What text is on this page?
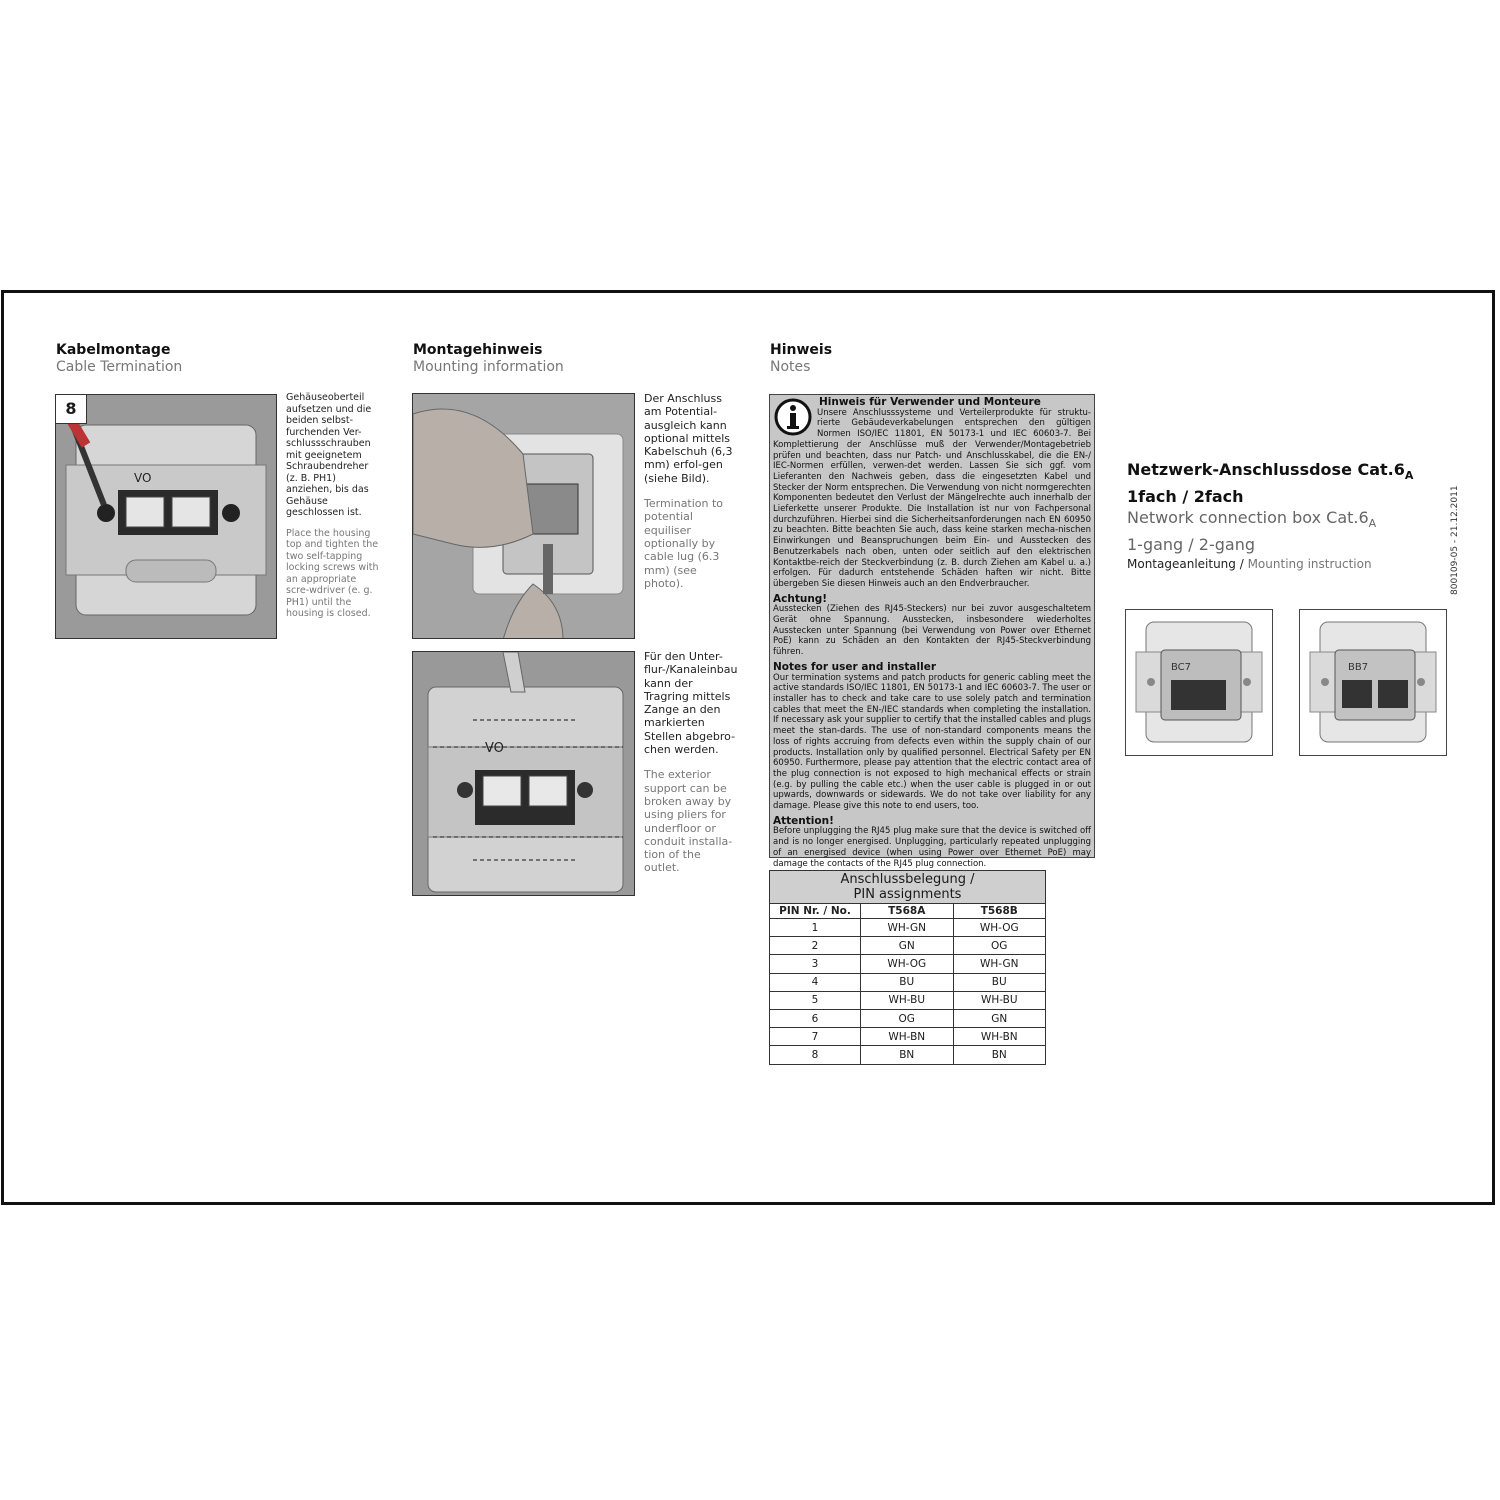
Kabelmontage
Cable Termination
VO
8
Gehäuseoberteil aufsetzen und die beiden selbst-furchenden Ver-schlussschrauben mit geeignetem Schraubendreher (z. B. PH1) anziehen, bis das Gehäuse geschlossen ist.
Place the housing top and tighten the two self-tapping locking screws with an appropriate scre-wdriver (e. g. PH1) until the housing is closed.
Montagehinweis
Mounting information
Der Anschluss am Potential-ausgleich kann optional mittels Kabelschuh (6,3 mm) erfol-gen (siehe Bild).
Termination to potential equiliser optionally by cable lug (6.3 mm) (see photo).
VO
Für den Unter-flur-/Kanaleinbau kann der Tragring mittels Zange an den markierten Stellen abgebro-chen werden.
The exterior support can be broken away by using pliers for underfloor or conduit installa-tion of the outlet.
Hinweis
Notes
Hinweis für Verwender und Monteure

Unsere Anschlusssysteme und Verteilerprodukte für struktu-rierte Gebäudeverkabelungen entsprechen den gültigen Normen ISO/IEC 11801, EN 50173-1 und IEC 60603-7. Bei Komplettierung der Anschlüsse muß der Verwender/Montagebetrieb prüfen und beachten, dass nur Patch- und Anschlusskabel, die die EN-/ IEC-Normen erfüllen, verwen-det werden. Lassen Sie sich ggf. vom Lieferanten den Nachweis geben, dass die eingesetzten Kabel und Stecker der Norm entsprechen. Die Verwendung von nicht normgerechten Komponenten bedeutet den Verlust der Mängelrechte auch innerhalb der Lieferkette unserer Produkte. Die Installation ist nur von Fachpersonal durchzuführen. Hierbei sind die Sicherheitsanforderungen nach EN 60950 zu beachten. Bitte beachten Sie auch, dass keine starken mecha-nischen Einwirkungen und Beanspruchungen beim Ein- und Ausstecken des Benutzerkabels nach oben, unten oder seitlich auf den elektrischen Kontaktbe-reich der Steckverbindung (z. B. durch Ziehen am Kabel u. a.) erfolgen. Für dadurch entstehende Schäden haften wir nicht. Bitte übergeben Sie diesen Hinweis auch an den Endverbraucher.

Achtung!

Ausstecken (Ziehen des RJ45-Steckers) nur bei zuvor ausgeschaltetem Gerät ohne Spannung. Ausstecken, insbesondere wiederholtes Ausstecken unter Spannung (bei Verwendung von Power over Ethernet PoE) kann zu Schäden an den Kontakten der RJ45-Steckverbindung führen.

Notes for user and installer

Our termination systems and patch products for generic cabling meet the active standards ISO/IEC 11801, EN 50173-1 and IEC 60603-7. The user or installer has to check and take care to use solely patch and termination cables that meet the EN-/IEC standards when completing the installation. If necessary ask your supplier to certify that the installed cables and plugs meet the stan-dards. The use of non-standard components means the loss of rights accruing from defects even within the supply chain of our products. Installation only by qualified personnel. Electrical Safety per EN 60950. Furthermore, please pay attention that the electric contact area of the plug connection is not exposed to high mechanical effects or strain (e.g. by pulling the cable etc.) when the user cable is plugged in or out upwards, downwards or sidewards. We do not take over liability for any damage. Please give this note to end users, too.

Attention!

Before unplugging the RJ45 plug make sure that the device is switched off and is no longer energised. Unplugging, particularly repeated unplugging of an energised device (when using Power over Ethernet PoE) may damage the contacts of the RJ45 plug connection.

Anschlussbelegung /
PIN assignments		

PIN Nr. / No.	T568A	T568B
1	WH-GN	WH-OG
2	GN	OG
3	WH-OG	WH-GN
4	BU	BU
5	WH-BU	WH-BU
6	OG	GN
7	WH-BN	WH-BN
8	BN	BN
Netzwerk-Anschlussdose $Cat.6_A$
1fach / 2fach
Network connection box $Cat.6_A$
1-gang / 2-gang
Montageanleitung / Mounting instruction	800109-05 - 21.12.2011
BC7	BB7
